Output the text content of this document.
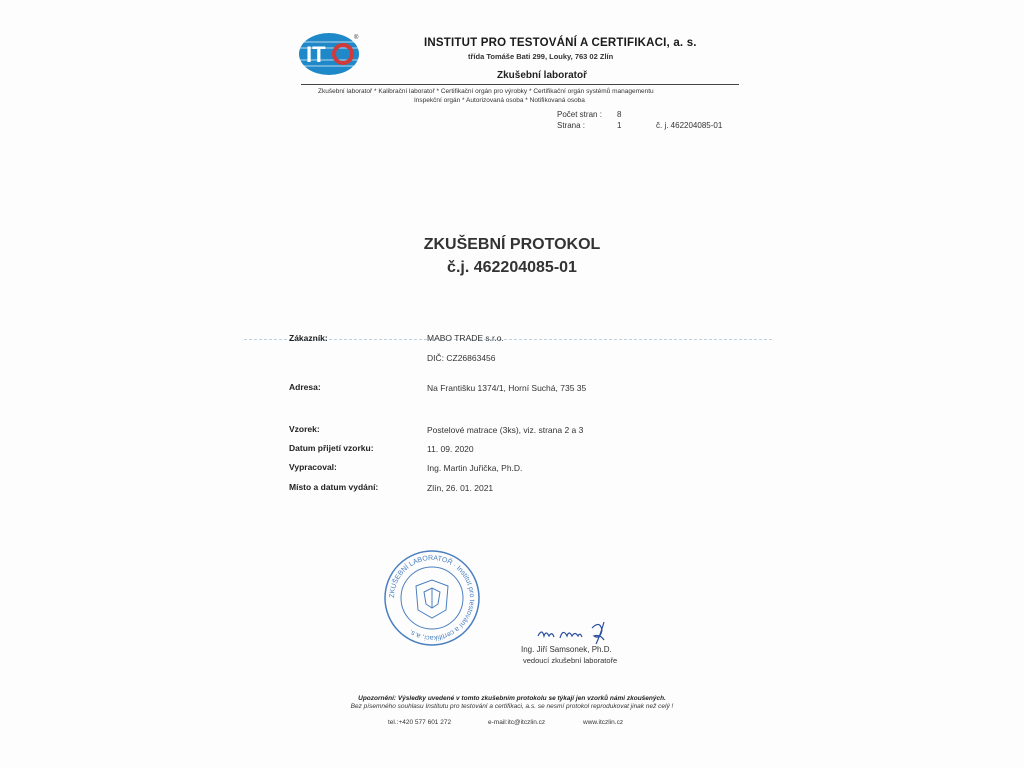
IT
®	INSTITUT PRO TESTOVÁNÍ A CERTIFIKACI, a. s.
třída Tomáše Bati 299, Louky, 763 02 Zlín
Zkušební laboratoř
Zkušební laboratoř * Kalibrační laboratoř * Certifikační orgán pro výrobky * Certifikační orgán systémů managementu
Inspekční orgán * Autorizovaná osoba * Notifikovaná osoba
Počet stran : 8
Strana :	1	č. j. 462204085-01
ZKUŠEBNÍ PROTOKOL
č.j. 462204085-01
Zákazník:	MABO TRADE s.r.o.
DIČ: CZ26863456
Adresa:	Na Františku 1374/1, Horní Suchá, 735 35
Vzorek:	Postelové matrace (3ks), viz. strana 2 a 3
Datum přijetí vzorku:	11. 09. 2020
Vypracoval:	Ing. Martin Juřička, Ph.D.
Místo a datum vydání:	Zlín, 26. 01. 2021
ZKUŠEBNÍ LABORATOŘ · Institut pro testování a certifikaci, a.s.
Ing. Jiří Samsonek, Ph.D.
vedoucí zkušební laboratoře
Upozornění: Výsledky uvedené v tomto zkušebním protokolu se týkají jen vzorků námi zkoušených.
Bez písemného souhlasu Institutu pro testování a certifikaci, a.s. se nesmí protokol reprodukovat jinak než celý !
tel.:+420 577 601 272	e-mail:itc@itczlin.cz	www.itczlin.cz
